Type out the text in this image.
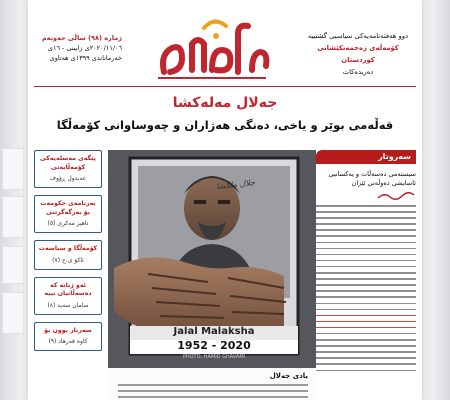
ژمارە (٩٨) ساڵی حەوتەم
٢٠٢٠/١١/٠٦ی زایینی - ١٦ی خەرماناندی ١٣٩٩ی هەتاوی
دوو هەفتەنامەیەکی سیاسیی گشتییە
کۆمەڵەی زەحمەتکێشانی کوردستان
دەریدەکات
جەلال مەلەکشا
قەڵەمی بوێر و یاخی، دەنگی هەژاران و چەوساوانی کۆمەڵگا
پێگەی مەسلەیەکی کۆمەڵایەتی
عەبدول ڕۆوف
بەرنامەی حکومەت بۆ بەرگەگرتنی
تاهیر مەکری (٥)
کۆمەڵگا و سیاسەت
ئاکۆ ی.ح (٧)
ئەو ژنانە کە دەسەڵاتیان نییە
سامان سەید (٨)
سەرباز بوون بۆ
کاوە فەرهاد (٩)
جلال ملکشا
Jalal Malaksha
1952 - 2020
PHOTO: HAMID GHAVAMI
یادی جەلال
سەروتار
سیستەمی دەسەڵات و یەکسانیی ئاسایشی دەوڵەتی ئێران
